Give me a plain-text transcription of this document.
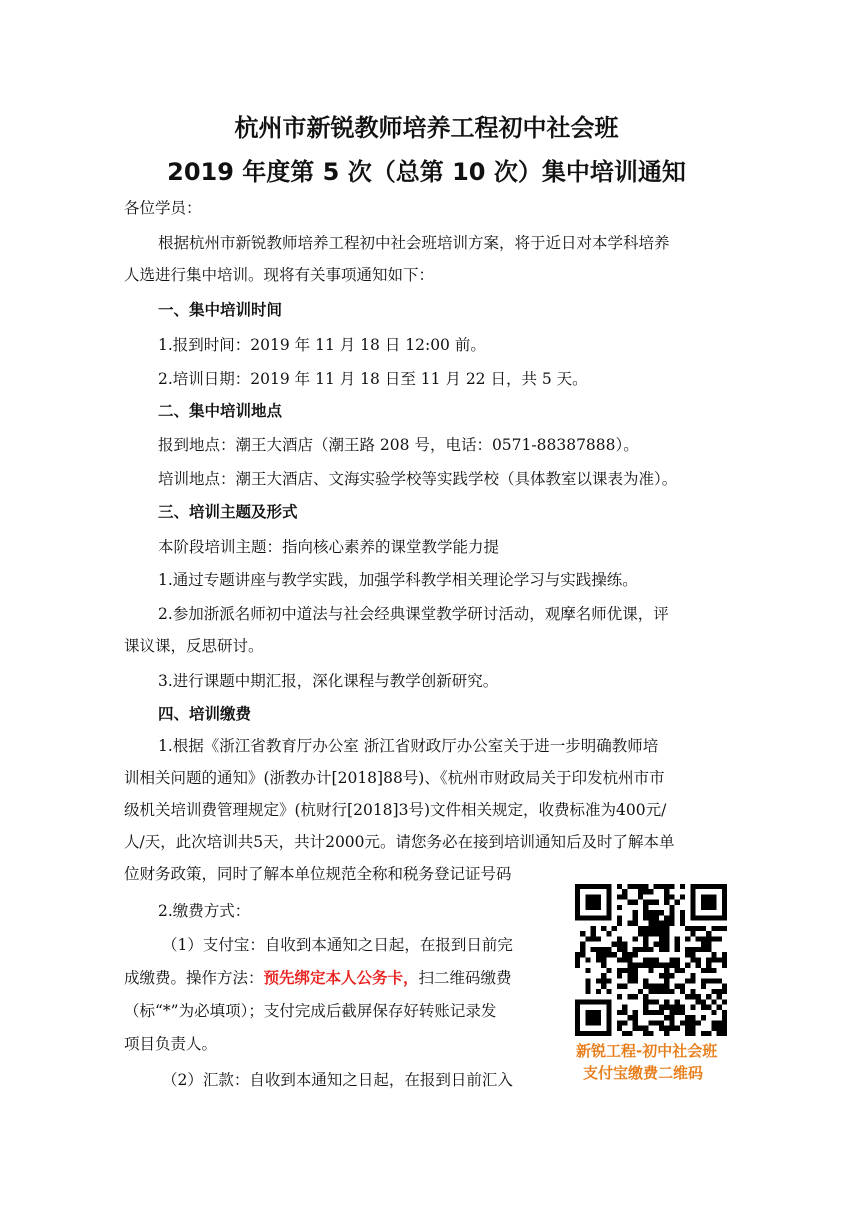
杭州市新锐教师培养工程初中社会班
2019 年度第 5 次（总第 10 次）集中培训通知
各位学员：
根据杭州市新锐教师培养工程初中社会班培训方案，将于近日对本学科培养
人选进行集中培训。现将有关事项通知如下：
一、集中培训时间
1.报到时间：2019 年 11 月 18 日 12:00 前。
2.培训日期：2019 年 11 月 18 日至 11 月 22 日，共 5 天。
二、集中培训地点
报到地点：潮王大酒店（潮王路 208 号，电话：0571-88387888）。
培训地点：潮王大酒店、文海实验学校等实践学校（具体教室以课表为准）。
三、培训主题及形式
本阶段培训主题：指向核心素养的课堂教学能力提
1.通过专题讲座与教学实践，加强学科教学相关理论学习与实践操练。
2.参加浙派名师初中道法与社会经典课堂教学研讨活动，观摩名师优课，评
课议课，反思研讨。
3.进行课题中期汇报，深化课程与教学创新研究。
四、培训缴费
1.根据《浙江省教育厅办公室 浙江省财政厅办公室关于进一步明确教师培
训相关问题的通知》(浙教办计[2018]88号)、《杭州市财政局关于印发杭州市市
级机关培训费管理规定》(杭财行[2018]3号)文件相关规定，收费标准为400元/
人/天，此次培训共5天，共计2000元。请您务必在接到培训通知后及时了解本单
位财务政策，同时了解本单位规范全称和税务登记证号码
2.缴费方式：
（1）支付宝：自收到本通知之日起，在报到日前完
成缴费。操作方法：预先绑定本人公务卡，扫二维码缴费
（标“*”为必填项）；支付完成后截屏保存好转账记录发
项目负责人。
（2）汇款：自收到本通知之日起，在报到日前汇入
新锐工程-初中社会班
支付宝缴费二维码
